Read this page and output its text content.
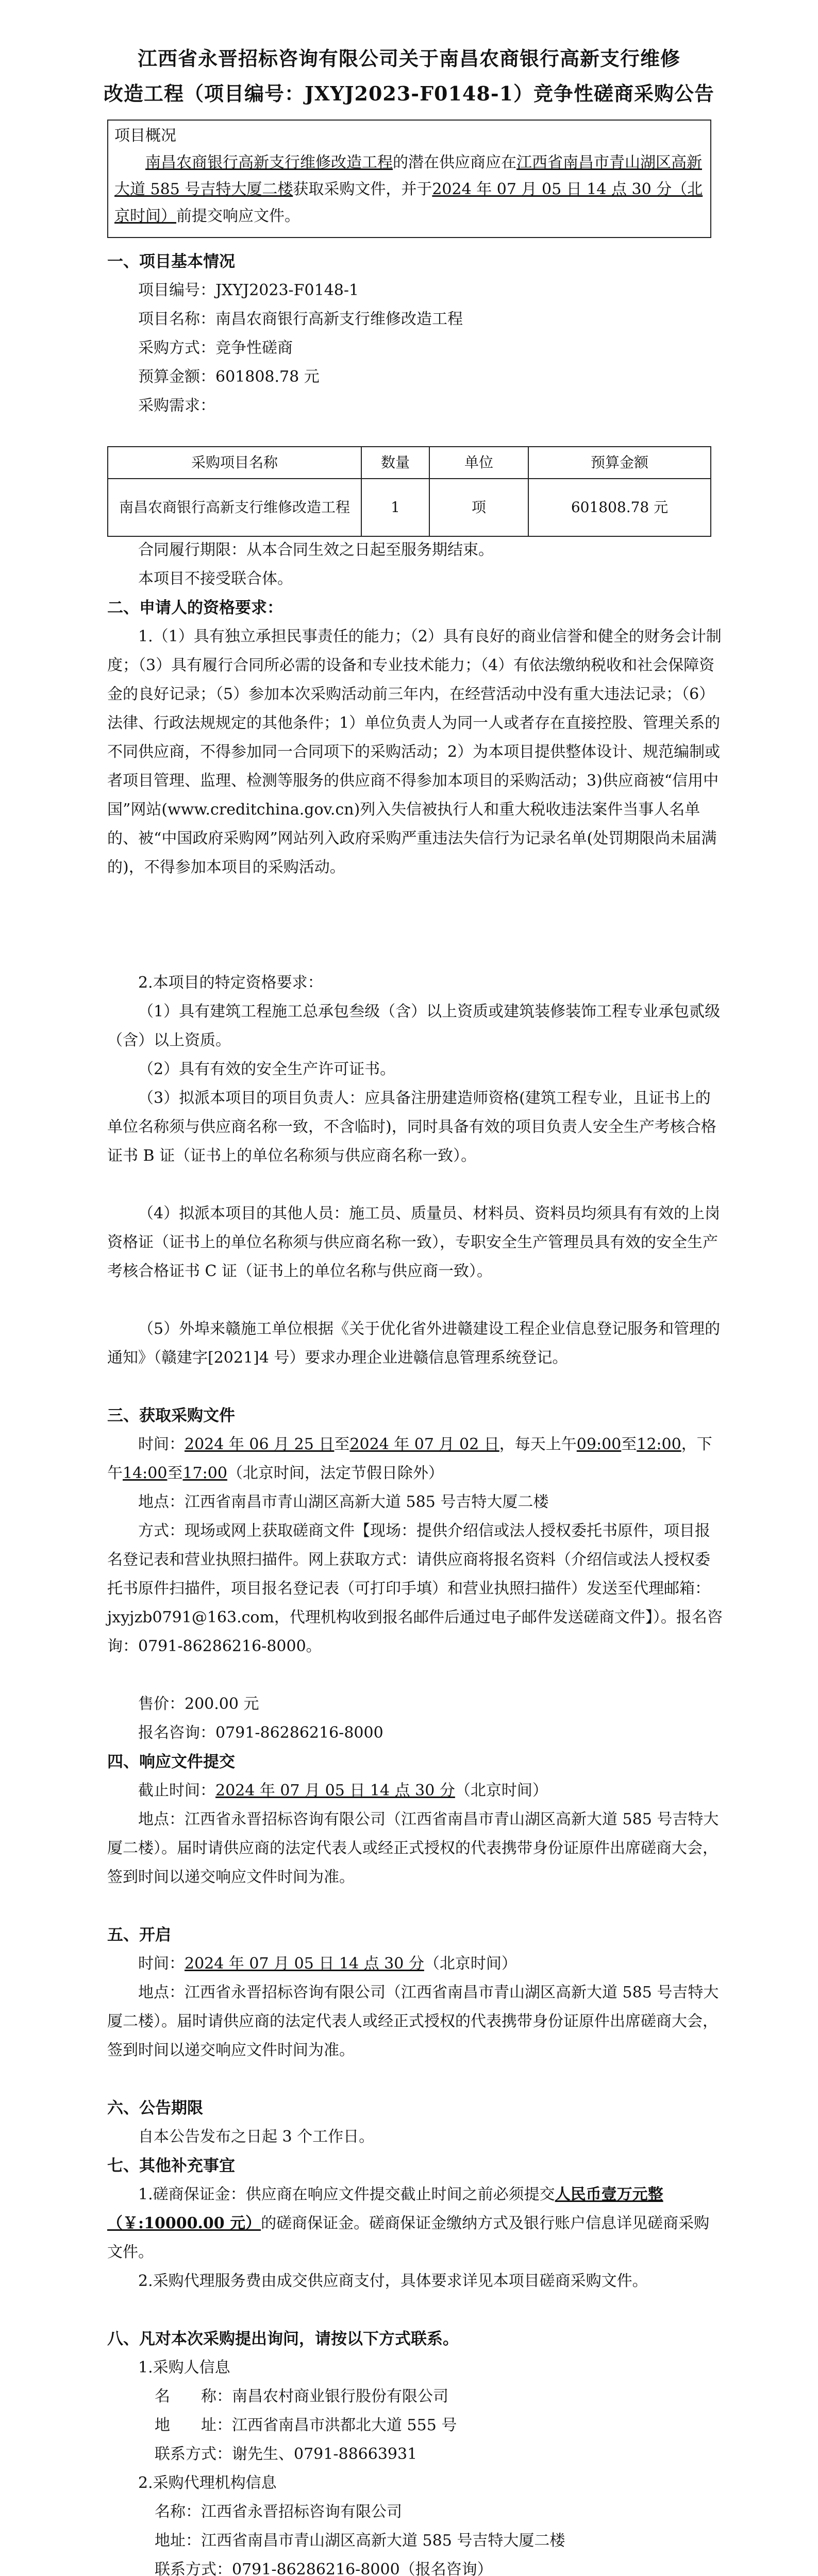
江西省永晋招标咨询有限公司关于南昌农商银行高新支行维修
改造工程（项目编号：JXYJ2023-F0148-1）竞争性磋商采购公告
项目概况
南昌农商银行高新支行维修改造工程的潜在供应商应在江西省南昌市青山湖区高新大道 585 号吉特大厦二楼获取采购文件，并于2024 年 07 月 05 日 14 点 30 分（北京时间）前提交响应文件。
一、项目基本情况
项目编号：JXYJ2023-F0148-1
项目名称：南昌农商银行高新支行维修改造工程
采购方式：竞争性磋商
预算金额：601808.78 元
采购需求：
采购项目名称	数量	单位	预算金额
南昌农商银行高新支行维修改造工程	1	项	601808.78 元
合同履行期限：从本合同生效之日起至服务期结束。
本项目不接受联合体。
二、申请人的资格要求：
1.（1）具有独立承担民事责任的能力；（2）具有良好的商业信誉和健全的财务会计制度；（3）具有履行合同所必需的设备和专业技术能力；（4）有依法缴纳税收和社会保障资金的良好记录；（5）参加本次采购活动前三年内，在经营活动中没有重大违法记录；（6）法律、行政法规规定的其他条件；1）单位负责人为同一人或者存在直接控股、管理关系的不同供应商，不得参加同一合同项下的采购活动；2）为本项目提供整体设计、规范编制或者项目管理、监理、检测等服务的供应商不得参加本项目的采购活动；3)供应商被“信用中国”网站(www.creditchina.gov.cn)列入失信被执行人和重大税收违法案件当事人名单的、被“中国政府采购网”网站列入政府采购严重违法失信行为记录名单(处罚期限尚未届满的)，不得参加本项目的采购活动。
2.本项目的特定资格要求：
（1）具有建筑工程施工总承包叁级（含）以上资质或建筑装修装饰工程专业承包贰级（含）以上资质。
（2）具有有效的安全生产许可证书。
（3）拟派本项目的项目负责人：应具备注册建造师资格(建筑工程专业，且证书上的单位名称须与供应商名称一致，不含临时)，同时具备有效的项目负责人安全生产考核合格证书 B 证（证书上的单位名称须与供应商名称一致）。
（4）拟派本项目的其他人员：施工员、质量员、材料员、资料员均须具有有效的上岗资格证（证书上的单位名称须与供应商名称一致），专职安全生产管理员具有效的安全生产考核合格证书 C 证（证书上的单位名称与供应商一致）。
（5）外埠来赣施工单位根据《关于优化省外进赣建设工程企业信息登记服务和管理的通知》（赣建字[2021]4 号）要求办理企业进赣信息管理系统登记。
三、获取采购文件
时间：2024 年 06 月 25 日至2024 年 07 月 02 日，每天上午09:00至12:00，下午14:00至17:00（北京时间，法定节假日除外）
地点：江西省南昌市青山湖区高新大道 585 号吉特大厦二楼
方式：现场或网上获取磋商文件【现场：提供介绍信或法人授权委托书原件，项目报名登记表和营业执照扫描件。网上获取方式：请供应商将报名资料（介绍信或法人授权委托书原件扫描件，项目报名登记表（可打印手填）和营业执照扫描件）发送至代理邮箱：jxyjzb0791@163.com，代理机构收到报名邮件后通过电子邮件发送磋商文件】）。报名咨询：0791-86286216-8000。
售价：200.00 元
报名咨询：0791-86286216-8000
四、响应文件提交
截止时间：2024 年 07 月 05 日 14 点 30 分（北京时间）
地点：江西省永晋招标咨询有限公司（江西省南昌市青山湖区高新大道 585 号吉特大厦二楼）。届时请供应商的法定代表人或经正式授权的代表携带身份证原件出席磋商大会，签到时间以递交响应文件时间为准。
五、开启
时间：2024 年 07 月 05 日 14 点 30 分（北京时间）
地点：江西省永晋招标咨询有限公司（江西省南昌市青山湖区高新大道 585 号吉特大厦二楼）。届时请供应商的法定代表人或经正式授权的代表携带身份证原件出席磋商大会，签到时间以递交响应文件时间为准。
六、公告期限
自本公告发布之日起 3 个工作日。
七、其他补充事宜
1.磋商保证金：供应商在响应文件提交截止时间之前必须提交人民币壹万元整（￥:10000.00 元）的磋商保证金。磋商保证金缴纳方式及银行账户信息详见磋商采购文件。
2.采购代理服务费由成交供应商支付，具体要求详见本项目磋商采购文件。
八、凡对本次采购提出询问，请按以下方式联系。
1.采购人信息
名　　称：南昌农村商业银行股份有限公司
地　　址：江西省南昌市洪都北大道 555 号
联系方式：谢先生、0791-88663931
2.采购代理机构信息
名称：江西省永晋招标咨询有限公司
地址：江西省南昌市青山湖区高新大道 585 号吉特大厦二楼
联系方式：0791-86286216-8000（报名咨询）
